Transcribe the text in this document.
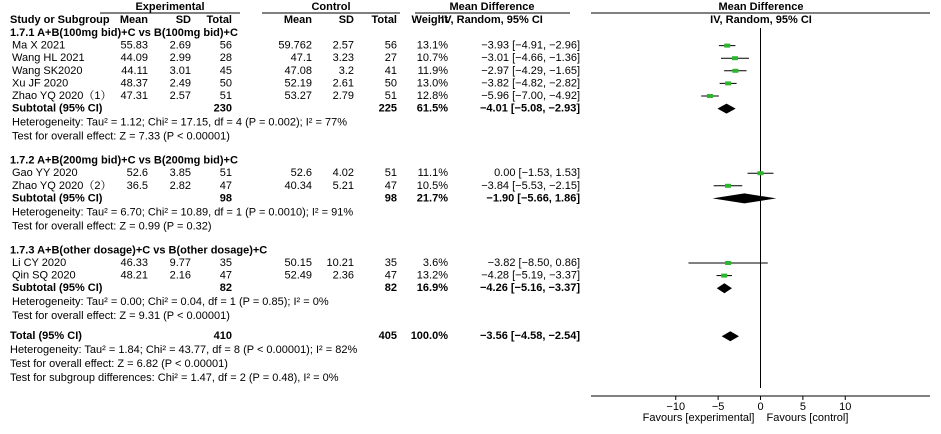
Experimental	Control	Mean Difference	Mean Difference
Study or Subgroup Mean	SD Total	Mean SD Total Weight
IV, Random, 95% CI	IV, Random, 95% CI
1.7.1 A+B(100mg bid)+C vs B(100mg bid)+C
Ma X 2021	55.83 2.69	56	59.762 2.57	56 13.1%	−3.93 [−4.91, −2.96]
Wang HL 2021	44.09 2.99	28	47.1 3.23	27 10.7%	−3.01 [−4.66, −1.36]
Wang SK2020	44.11 3.01	45	47.08 3.2	41 11.9%	−2.97 [−4.29, −1.65]
Xu JF 2020	48.37 2.49	50	52.19 2.61	50 13.0%	−3.82 [−4.82, −2.82]
Zhao YQ 2020（1） 47.31 2.57	51	53.27 2.79	51 12.8%	−5.96 [−7.00, −4.92]
Subtotal (95% CI)	230	225 61.5%	−4.01 [−5.08, −2.93]
Heterogeneity: Tau² = 1.12; Chi² = 17.15, df = 4 (P = 0.002); I² = 77%
Test for overall effect: Z = 7.33 (P < 0.00001)
1.7.2 A+B(200mg bid)+C vs B(200mg bid)+C
Gao YY 2020	52.6 3.85	51	52.6 4.02	51 11.1%	0.00 [−1.53, 1.53]
Zhao YQ 2020（2） 36.5 2.82	47	40.34 5.21	47 10.5%	−3.84 [−5.53, −2.15]
Subtotal (95% CI)	98	98 21.7%	−1.90 [−5.66, 1.86]
Heterogeneity: Tau² = 6.70; Chi² = 10.89, df = 1 (P = 0.0010); I² = 91%
Test for overall effect: Z = 0.99 (P = 0.32)
1.7.3 A+B(other dosage)+C vs B(other dosage)+C
Li CY 2020	46.33 9.77	35	50.15 10.21	35 3.6%	−3.82 [−8.50, 0.86]
Qin SQ 2020	48.21 2.16	47	52.49 2.36	47 13.2%	−4.28 [−5.19, −3.37]
Subtotal (95% CI)	82	82 16.9%	−4.26 [−5.16, −3.37]
Heterogeneity: Tau² = 0.00; Chi² = 0.04, df = 1 (P = 0.85); I² = 0%
Test for overall effect: Z = 9.31 (P < 0.00001)
Total (95% CI)	410	405 100.0%	−3.56 [−4.58, −2.54]
Heterogeneity: Tau² = 1.84; Chi² = 43.77, df = 8 (P < 0.00001); I² = 82%
Test for overall effect: Z = 6.82 (P < 0.00001)
Test for subgroup differences: Chi² = 1.47, df = 2 (P = 0.48), I² = 0%
−10 −5	0	5	10
Favours [experimental] Favours [control]
